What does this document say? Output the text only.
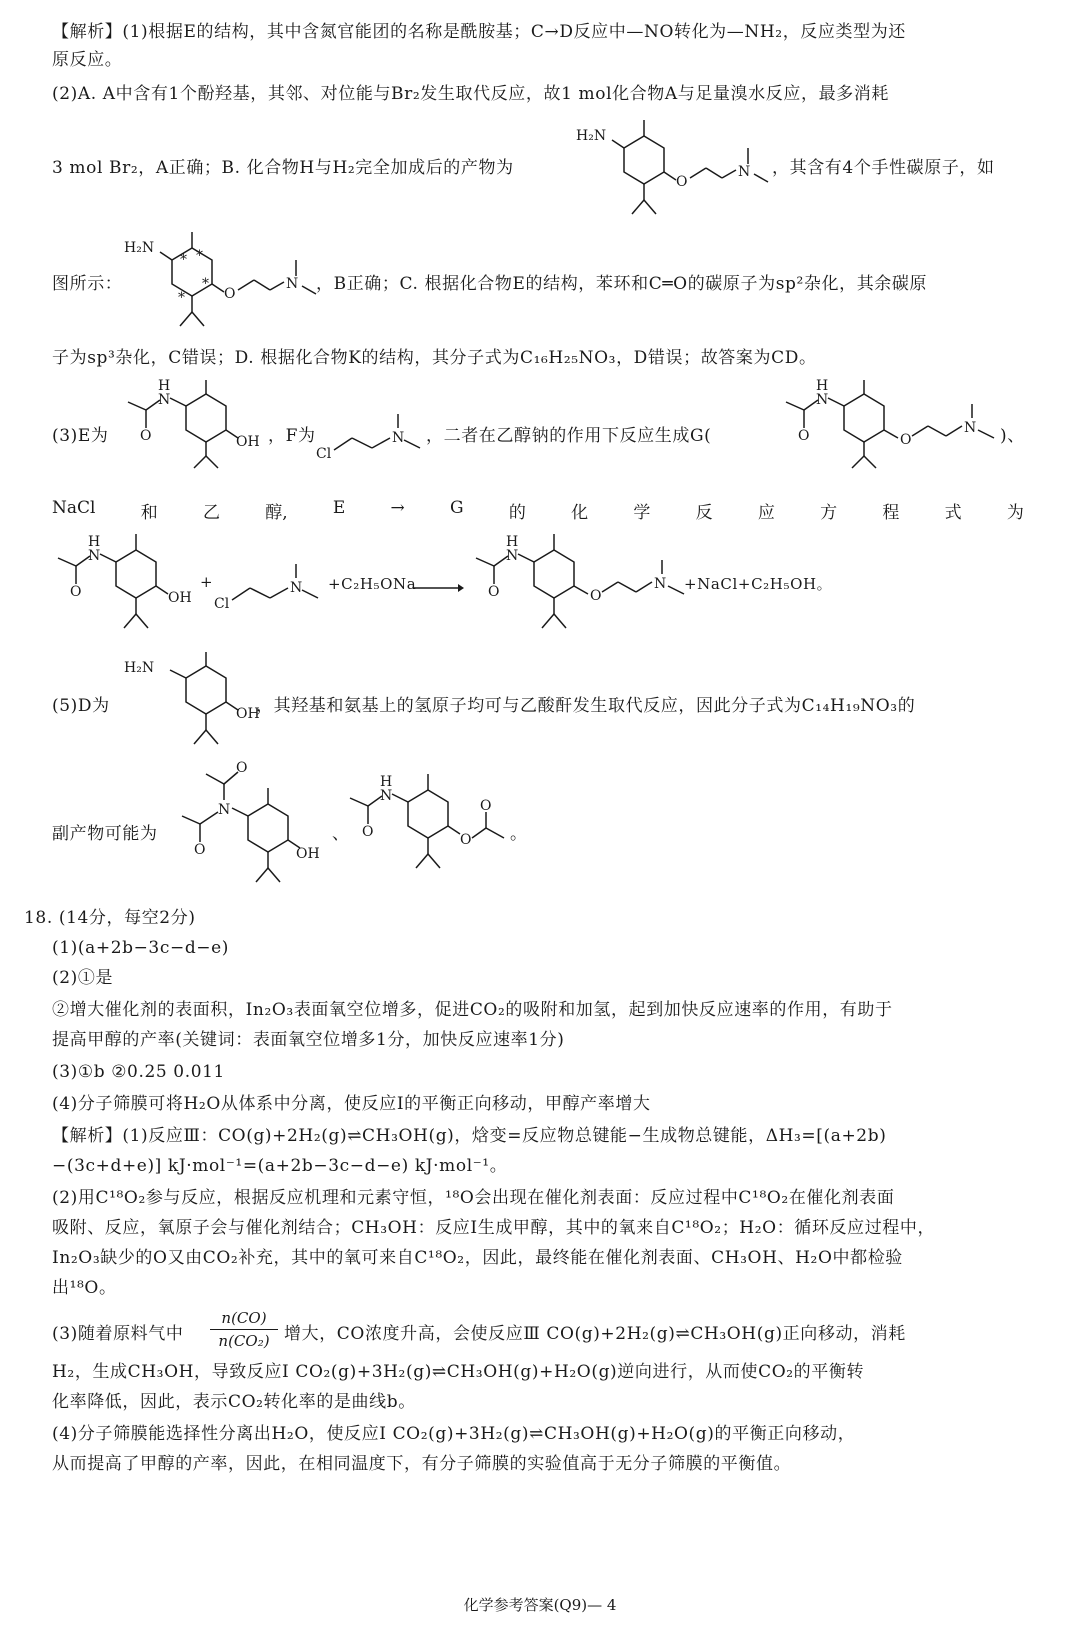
【解析】(1)根据E的结构，其中含氮官能团的名称是酰胺基；C→D反应中—NO转化为—NH₂，反应类型为还
原反应。
(2)A. A中含有1个酚羟基，其邻、对位能与Br₂发生取代反应，故1 mol化合物A与足量溴水反应，最多消耗
3 mol Br₂，A正确；B. 化合物H与H₂完全加成后的产物为
H₂N
O
N ，其含有4个手性碳原子，如
图所示：
H₂N
* *
*
*	O
N ，B正确；C. 根据化合物E的结构，苯环和C═O的碳原子为sp²杂化，其余碳原
子为sp³杂化，C错误；D. 根据化合物K的结构，其分子式为C₁₆H₂₅NO₃，D错误；故答案为CD。
(3)E为
H
N
O	OH ，F为
Cl
N ，二者在乙醇钠的作用下反应生成G(
H
N
O	O
N )、
NaCl	和	乙	醇,	E	→	G	的	化	学	反	应	方	程	式	为
H
N
O	OH
+
Cl
N +C₂H₅ONa
H
N
O	O
N +NaCl+C₂H₅OH。
(5)D为
H₂N
OH
，其羟基和氨基上的氢原子均可与乙酸酐发生取代反应，因此分子式为C₁₄H₁₉NO₃的
副产物可能为
O
N
O	OH
、
H
N
O	O
O
。
18. (14分，每空2分)
(1)(a+2b−3c−d−e)
(2)①是
②增大催化剂的表面积，In₂O₃表面氧空位增多，促进CO₂的吸附和加氢，起到加快反应速率的作用，有助于
提高甲醇的产率(关键词：表面氧空位增多1分，加快反应速率1分)
(3)①b ②0.25 0.011
(4)分子筛膜可将H₂O从体系中分离，使反应Ⅰ的平衡正向移动，甲醇产率增大
【解析】(1)反应Ⅲ：CO(g)+2H₂(g)⇌CH₃OH(g)，焓变=反应物总键能−生成物总键能，ΔH₃=[(a+2b)
−(3c+d+e)] kJ·mol⁻¹=(a+2b−3c−d−e) kJ·mol⁻¹。
(2)用C¹⁸O₂参与反应，根据反应机理和元素守恒，¹⁸O会出现在催化剂表面：反应过程中C¹⁸O₂在催化剂表面
吸附、反应，氧原子会与催化剂结合；CH₃OH：反应Ⅰ生成甲醇，其中的氧来自C¹⁸O₂；H₂O：循环反应过程中，
In₂O₃缺少的O又由CO₂补充，其中的氧可来自C¹⁸O₂，因此，最终能在催化剂表面、CH₃OH、H₂O中都检验
出¹⁸O。
(3)随着原料气中
n(CO)
n(CO₂) 增大，CO浓度升高，会使反应Ⅲ CO(g)+2H₂(g)⇌CH₃OH(g)正向移动，消耗
H₂，生成CH₃OH，导致反应Ⅰ CO₂(g)+3H₂(g)⇌CH₃OH(g)+H₂O(g)逆向进行，从而使CO₂的平衡转
化率降低，因此，表示CO₂转化率的是曲线b。
(4)分子筛膜能选择性分离出H₂O，使反应Ⅰ CO₂(g)+3H₂(g)⇌CH₃OH(g)+H₂O(g)的平衡正向移动，
从而提高了甲醇的产率，因此，在相同温度下，有分子筛膜的实验值高于无分子筛膜的平衡值。
化学参考答案(Q9)— 4
